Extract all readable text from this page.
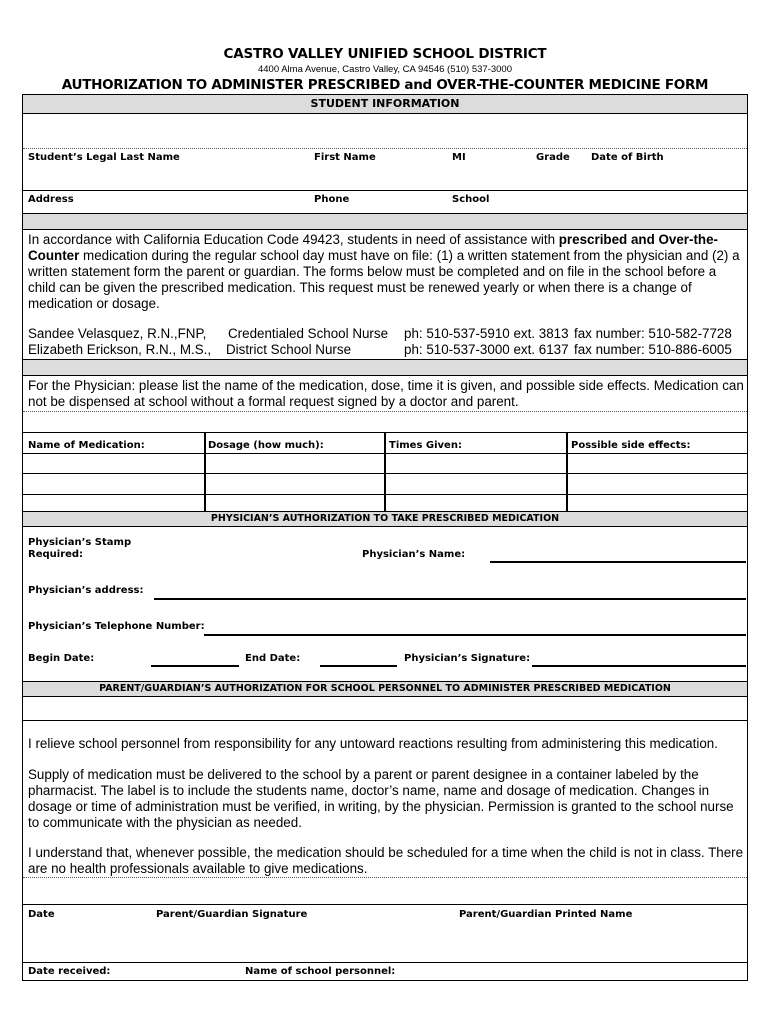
CASTRO VALLEY UNIFIED SCHOOL DISTRICT
4400 Alma Avenue, Castro Valley, CA 94546 (510) 537-3000
AUTHORIZATION TO ADMINISTER PRESCRIBED and OVER-THE-COUNTER MEDICINE FORM
STUDENT INFORMATION
Student’s Legal Last Name	First Name	MI	Grade Date of Birth
Address	Phone	School
In accordance with California Education Code 49423, students in need of assistance with prescribed and Over-the-Counter medication during the regular school day must have on file: (1) a written statement from the physician and (2) a written statement form the parent or guardian. The forms below must be completed and on file in the school before a child can be given the prescribed medication. This request must be renewed yearly or when there is a change of medication or dosage.
Sandee Velasquez, R.N.,FNP, Credentialed School Nurse ph: 510-537-5910 ext. 3813 fax number: 510-582-7728
Elizabeth Erickson, R.N., M.S., District School Nurse	ph: 510-537-3000 ext. 6137 fax number: 510-886-6005
For the Physician: please list the name of the medication, dose, time it is given, and possible side effects. Medication can not be dispensed at school without a formal request signed by a doctor and parent.
Name of Medication:	Dosage (how much):	Times Given:	Possible side effects:
PHYSICIAN’S AUTHORIZATION TO TAKE PRESCRIBED MEDICATION
Physician’s Stamp
Required:	Physician’s Name:
Physician’s address:
Physician’s Telephone Number:
Begin Date:	End Date:	Physician’s Signature:
PARENT/GUARDIAN’S AUTHORIZATION FOR SCHOOL PERSONNEL TO ADMINISTER PRESCRIBED MEDICATION
I relieve school personnel from responsibility for any untoward reactions resulting from administering this medication.
Supply of medication must be delivered to the school by a parent or parent designee in a container labeled by the pharmacist. The label is to include the students name, doctor’s name, name and dosage of medication. Changes in dosage or time of administration must be verified, in writing, by the physician. Permission is granted to the school nurse to communicate with the physician as needed.
I understand that, whenever possible, the medication should be scheduled for a time when the child is not in class. There are no health professionals available to give medications.
Date	Parent/Guardian Signature	Parent/Guardian Printed Name
Date received:	Name of school personnel:
